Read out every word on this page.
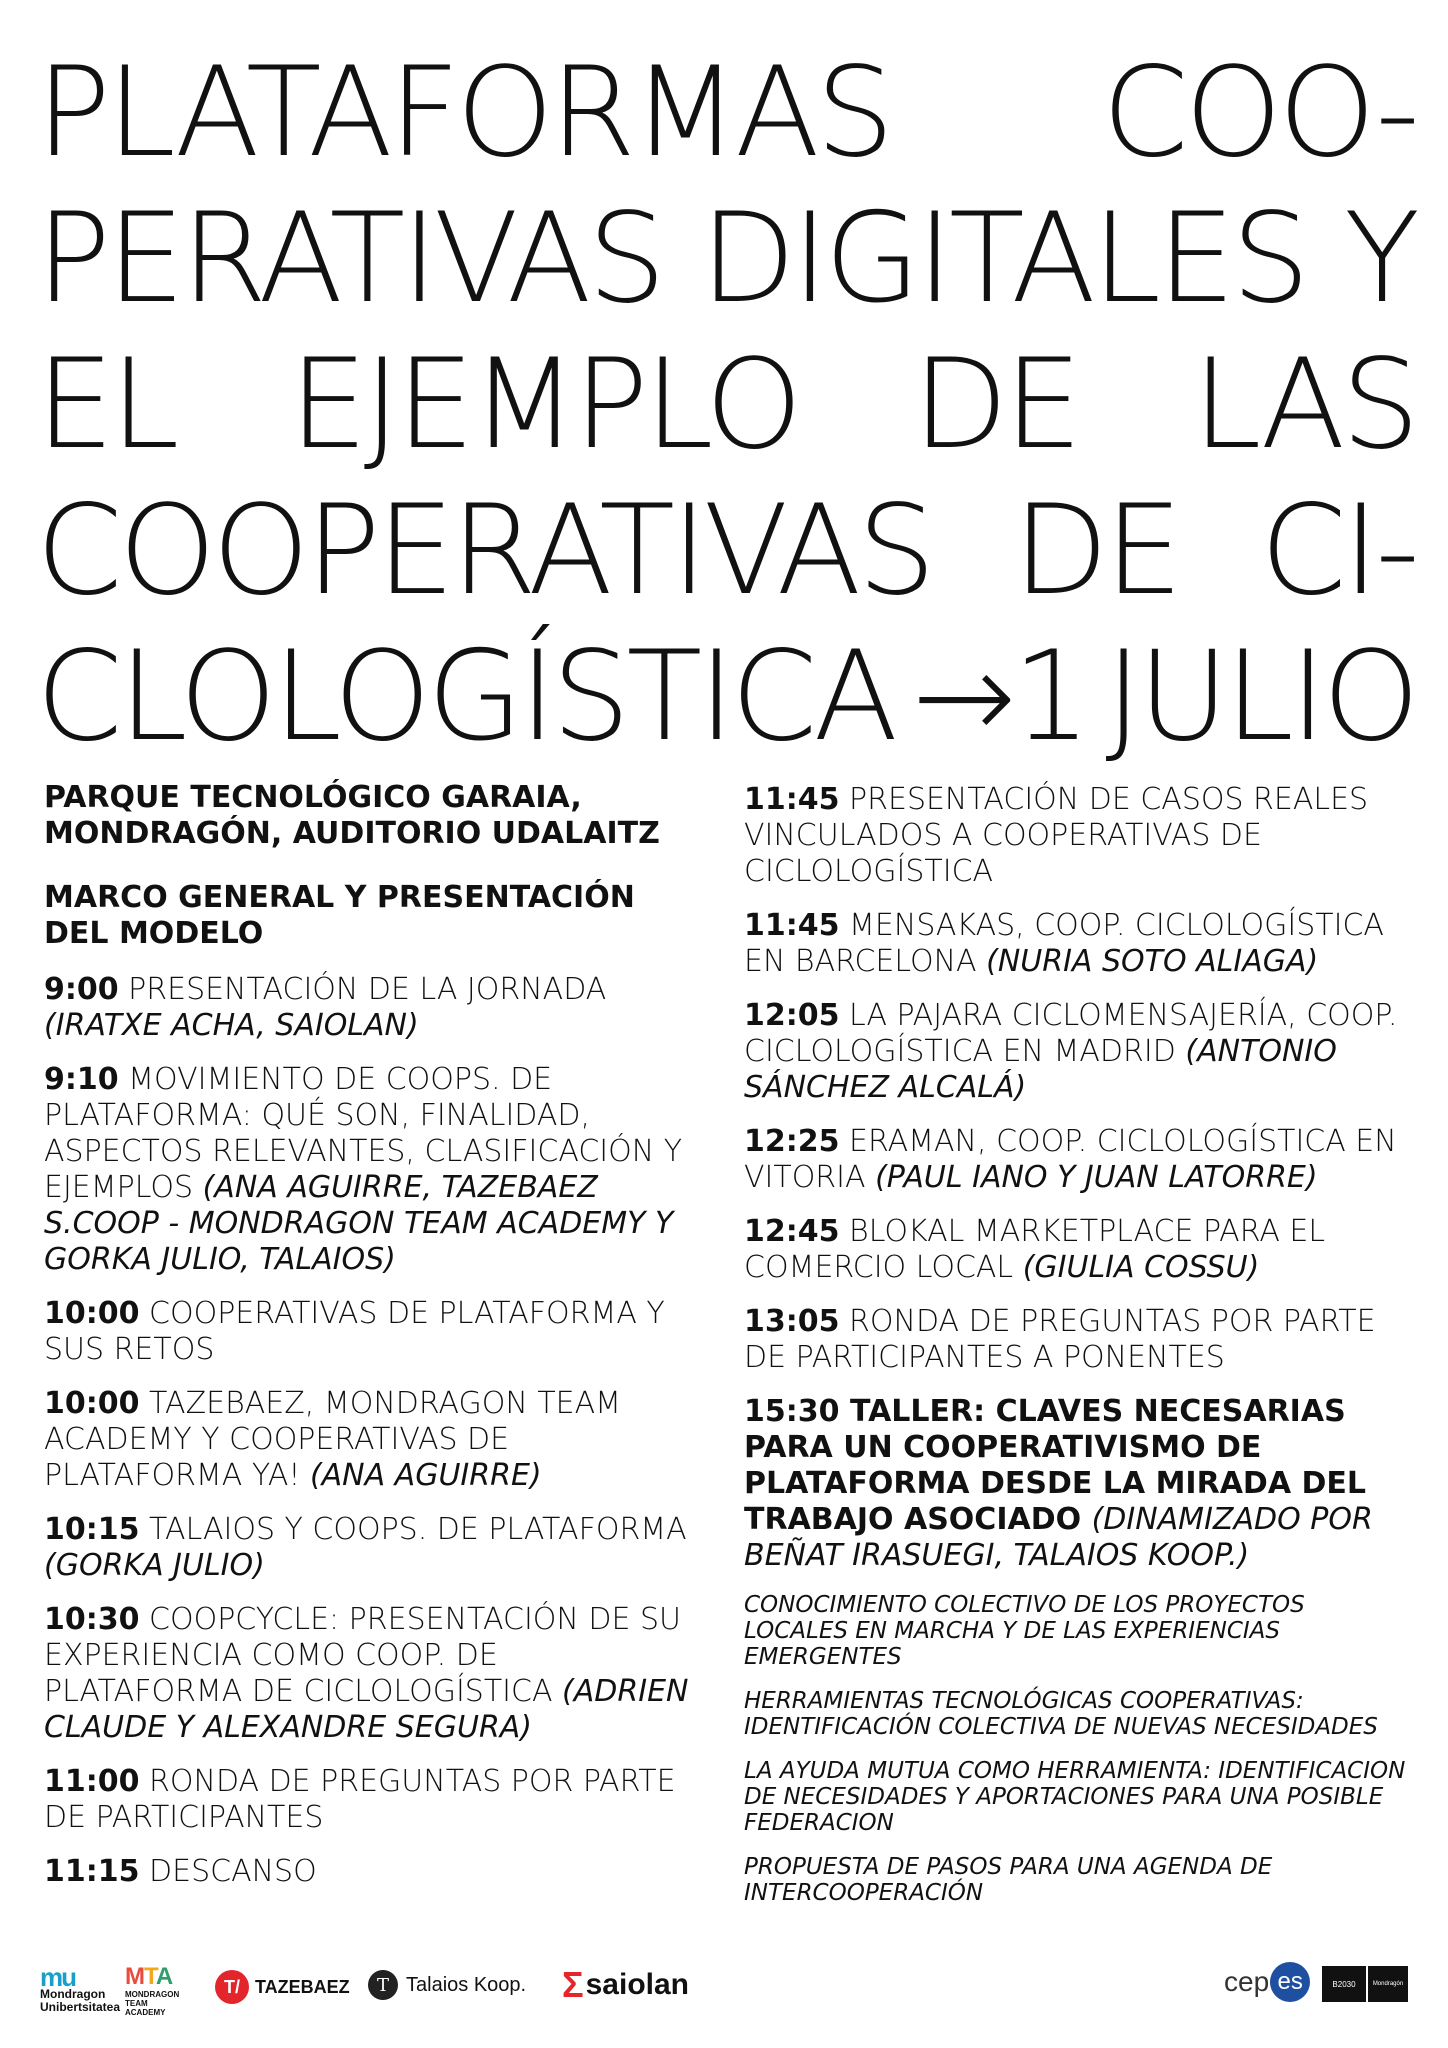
PLATAFORMAS COO-
PERATIVAS DIGITALES Y
EL EJEMPLO DE LAS
COOPERATIVAS DE CI-
CLOLOGÍSTICA →1 JULIO

PARQUE TECNOLÓGICO GARAIA, MONDRAGÓN, AUDITORIO UDALAITZ

MARCO GENERAL Y PRESENTACIÓN DEL MODELO

9:00 PRESENTACIÓN DE LA JORNADA (IRATXE ACHA, SAIOLAN)

9:10 MOVIMIENTO DE COOPS. DE PLATAFORMA: QUÉ SON, FINALIDAD, ASPECTOS RELEVANTES, CLASIFICACIÓN Y EJEMPLOS (ANA AGUIRRE, TAZEBAEZ S.COOP - MONDRAGON TEAM ACADEMY Y GORKA JULIO, TALAIOS)

10:00 COOPERATIVAS DE PLATAFORMA Y SUS RETOS

10:00 TAZEBAEZ, MONDRAGON TEAM ACADEMY Y COOPERATIVAS DE PLATAFORMA YA! (ANA AGUIRRE)

10:15 TALAIOS Y COOPS. DE PLATAFORMA (GORKA JULIO)

10:30 COOPCYCLE: PRESENTACIÓN DE SU EXPERIENCIA COMO COOP. DE PLATAFORMA DE CICLOLOGÍSTICA (ADRIEN CLAUDE Y ALEXANDRE SEGURA)

11:00 RONDA DE PREGUNTAS POR PARTE DE PARTICIPANTES

11:15 DESCANSO

11:45 PRESENTACIÓN DE CASOS REALES VINCULADOS A COOPERATIVAS DE CICLOLOGÍSTICA

11:45 MENSAKAS, COOP. CICLOLOGÍSTICA EN BARCELONA (NURIA SOTO ALIAGA)

12:05 LA PAJARA CICLOMENSAJERÍA, COOP. CICLOLOGÍSTICA EN MADRID (ANTONIO SÁNCHEZ ALCALÁ)

12:25 ERAMAN, COOP. CICLOLOGÍSTICA EN VITORIA (PAUL IANO Y JUAN LATORRE)

12:45 BLOKAL MARKETPLACE PARA EL COMERCIO LOCAL (GIULIA COSSU)

13:05 RONDA DE PREGUNTAS POR PARTE DE PARTICIPANTES A PONENTES

15:30 TALLER: CLAVES NECESARIAS PARA UN COOPERATIVISMO DE PLATAFORMA DESDE LA MIRADA DEL TRABAJO ASOCIADO (DINAMIZADO POR BEÑAT IRASUEGI, TALAIOS KOOP.)

CONOCIMIENTO COLECTIVO DE LOS PROYECTOS LOCALES EN MARCHA Y DE LAS EXPERIENCIAS EMERGENTES

HERRAMIENTAS TECNOLÓGICAS COOPERATIVAS: IDENTIFICACIÓN COLECTIVA DE NUEVAS NECESIDADES

LA AYUDA MUTUA COMO HERRAMIENTA: IDENTIFICACION DE NECESIDADES Y APORTACIONES PARA UNA POSIBLE FEDERACION

PROPUESTA DE PASOS PARA UNA AGENDA DE INTERCOOPERACIÓN

mu
Mondragon
Unibertsitatea
MTA
MONDRAGON
TEAM
ACADEMY
T/ TAZEBAEZ	T Talaios
Koop. Σ saiolan	cep es	B2030	Mondragón
